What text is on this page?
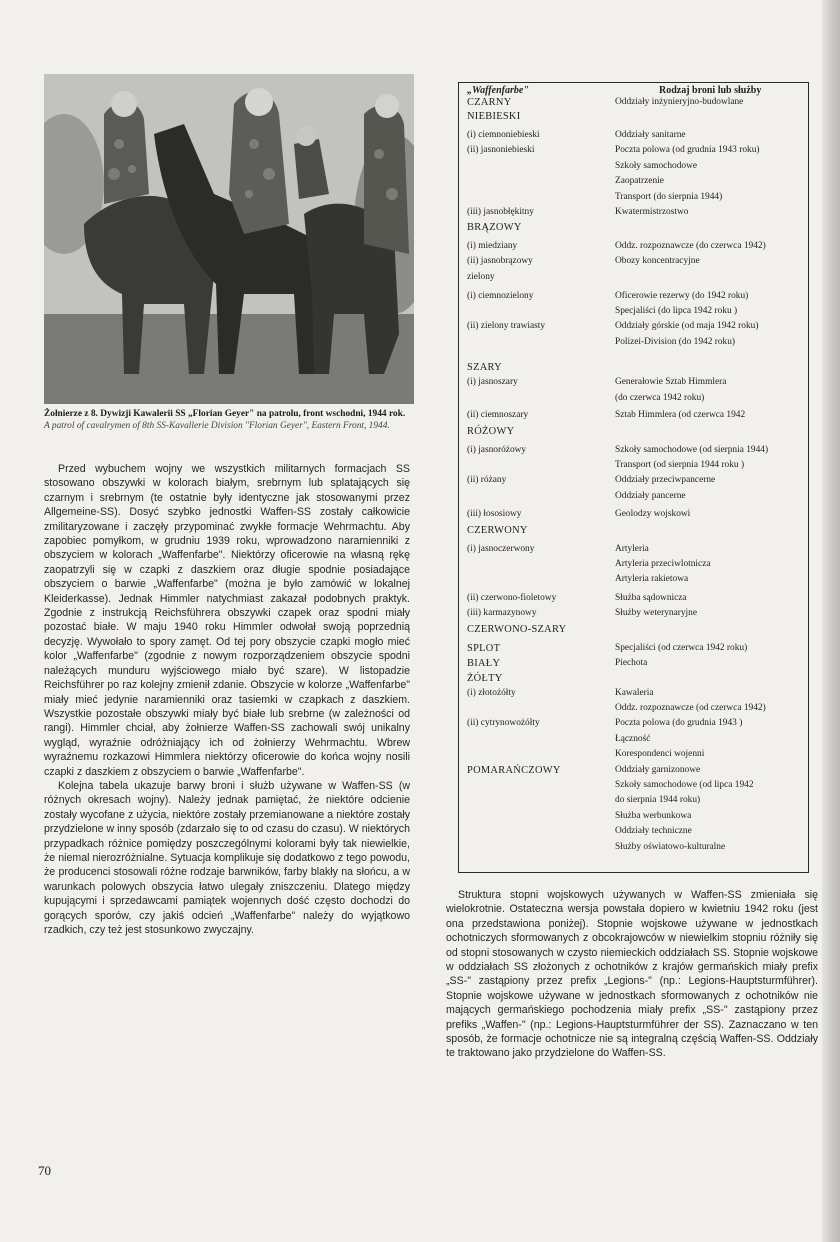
Żołnierze z 8. Dywizji Kawalerii SS „Florian Geyer" na patrolu, front wschodni, 1944 rok. A patrol of cavalrymen of 8th SS-Kavallerie Division "Florian Geyer", Eastern Front, 1944.

Przed wybuchem wojny we wszystkich militarnych formacjach SS stosowano obszywki w kolorach białym, srebrnym lub splatających się czarnym i srebrnym (te ostatnie były identyczne jak stosowanymi przez Allgemeine-SS). Dosyć szybko jednostki Waffen-SS zostały całkowicie zmilitaryzowane i zaczęły przypominać zwykłe formacje Wehrmachtu. Aby zapobiec pomyłkom, w grudniu 1939 roku, wprowadzono naramienniki z obszyciem w kolorach „Waffenfarbe". Niektórzy oficerowie na własną rękę zaopatrzyli się w czapki z daszkiem oraz długie spodnie posiadające obszyciem o barwie „Waffenfarbe" (można je było zamówić w lokalnej Kleiderkasse). Jednak Himmler natychmiast zakazał podobnych praktyk. Zgodnie z instrukcją Reichsführera obszywki czapek oraz spodni miały pozostać białe. W maju 1940 roku Himmler odwołał swoją poprzednią decyzję. Wywołało to spory zamęt. Od tej pory obszycie czapki mogło mieć kolor „Waffenfarbe" (zgodnie z nowym rozporządzeniem obszycie spodni należących munduru wyjściowego miało być szare). W listopadzie Reichsführer po raz kolejny zmienił zdanie. Obszycie w kolorze „Waffenfarbe" miały mieć jedynie naramienniki oraz tasiemki w czapkach z daszkiem. Wszystkie pozostałe obszywki miały być białe lub srebrne (w zależności od rangi). Himmler chciał, aby żołnierze Waffen-SS zachowali swój unikalny wygląd, wyraźnie odróżniający ich od żołnierzy Wehrmachtu. Wbrew wyraźnemu rozkazowi Himmlera niektórzy oficerowie do końca wojny nosili czapki z daszkiem z obszyciem o barwie „Waffenfarbe".

Kolejna tabela ukazuje barwy broni i służb używane w Waffen-SS (w różnych okresach wojny). Należy jednak pamiętać, że niektóre odcienie zostały wycofane z użycia, niektóre zostały przemianowane a niektóre zostały przydzielone w inny sposób (zdarzało się to od czasu do czasu). W niektórych przypadkach różnice pomiędzy poszczególnymi kolorami były tak niewielkie, że niemal nierozróżnialne. Sytuacja komplikuje się dodatkowo z tego powodu, że producenci stosowali różne rodzaje barwników, farby blakły na słońcu, a w warunkach polowych obszycia łatwo ulegały zniszczeniu. Dlatego między kupującymi i sprzedawcami pamiątek wojennych dość często dochodzi do gorących sporów, czy jakiś odcień „Waffenfarbe" należy do wyjątkowo rzadkich, czy też jest stosunkowo zwyczajny.

70
„Waffenfarbe"	Rodzaj broni lub służby
CZARNY	Oddziały inżynieryjno-budowlane
NIEBIESKI
(i) ciemnoniebieski	Oddziały sanitarne
(ii) jasnoniebieski	Poczta polowa (od grudnia 1943 roku)
Szkoły samochodowe
Zaopatrzenie
Transport (do sierpnia 1944)
(iii) jasnobłękitny	Kwatermistrzostwo
BRĄZOWY
(i) miedziany	Oddz. rozpoznawcze (do czerwca 1942)
(ii) jasnobrązowy	Obozy koncentracyjne
zielony
(i) ciemnozielony	Oficerowie rezerwy (do 1942 roku)
Specjaliści (do lipca 1942 roku )
(ii) zielony trawiasty	Oddziały górskie (od maja 1942 roku)
Polizei-Division (do 1942 roku)
SZARY
(i) jasnoszary	Generałowie Sztab Himmlera
(do czerwca 1942 roku)
(ii) ciemnoszary	Sztab Himmlera (od czerwca 1942
RÓŻOWY
(i) jasnoróżowy	Szkoły samochodowe (od sierpnia 1944)
Transport (od sierpnia 1944 roku )
(ii) różany	Oddziały przeciwpancerne
Oddziały pancerne
(iii) łososiowy	Geolodzy wojskowi
CZERWONY
(i) jasnoczerwony	Artyleria
Artyleria przeciwlotnicza
Artyleria rakietowa
(ii) czerwono-fioletowy	Służba sądownicza
(iii) karmazynowy	Służby weterynaryjne
CZERWONO-SZARY
SPLOT	Specjaliści (od czerwca 1942 roku)
BIAŁY	Piechota
ŻÓŁTY
(i) złotożółty	Kawaleria
Oddz. rozpoznawcze (od czerwca 1942)
(ii) cytrynowożółty	Poczta polowa (do grudnia 1943 )
Łączność
Korespondenci wojenni
POMARAŃCZOWY	Oddziały garnizonowe
Szkoły samochodowe (od lipca 1942
do sierpnia 1944 roku)
Służba werbunkowa
Oddziały techniczne
Służby oświatowo-kulturalne

Struktura stopni wojskowych używanych w Waffen-SS zmieniała się wielokrotnie. Ostateczna wersja powstała dopiero w kwietniu 1942 roku (jest ona przedstawiona poniżej). Stopnie wojskowe używane w jednostkach ochotniczych sformowanych z obcokrajowców w niewielkim stopniu różniły się od stopni stosowanych w czysto niemieckich oddziałach SS. Stopnie wojskowe w oddziałach SS złożonych z ochotników z krajów germańskich miały prefix „SS-" zastąpiony przez prefix „Legions-" (np.: Legions-Hauptsturmführer). Stopnie wojskowe używane w jednostkach sformowanych z ochotników nie mających germańskiego pochodzenia miały prefix „SS-" zastąpiony przez prefiks „Waffen-" (np.: Legions-Hauptsturmführer der SS). Zaznaczano w ten sposób, że formacje ochotnicze nie są integralną częścią Waffen-SS. Oddziały te traktowano jako przydzielone do Waffen-SS.
